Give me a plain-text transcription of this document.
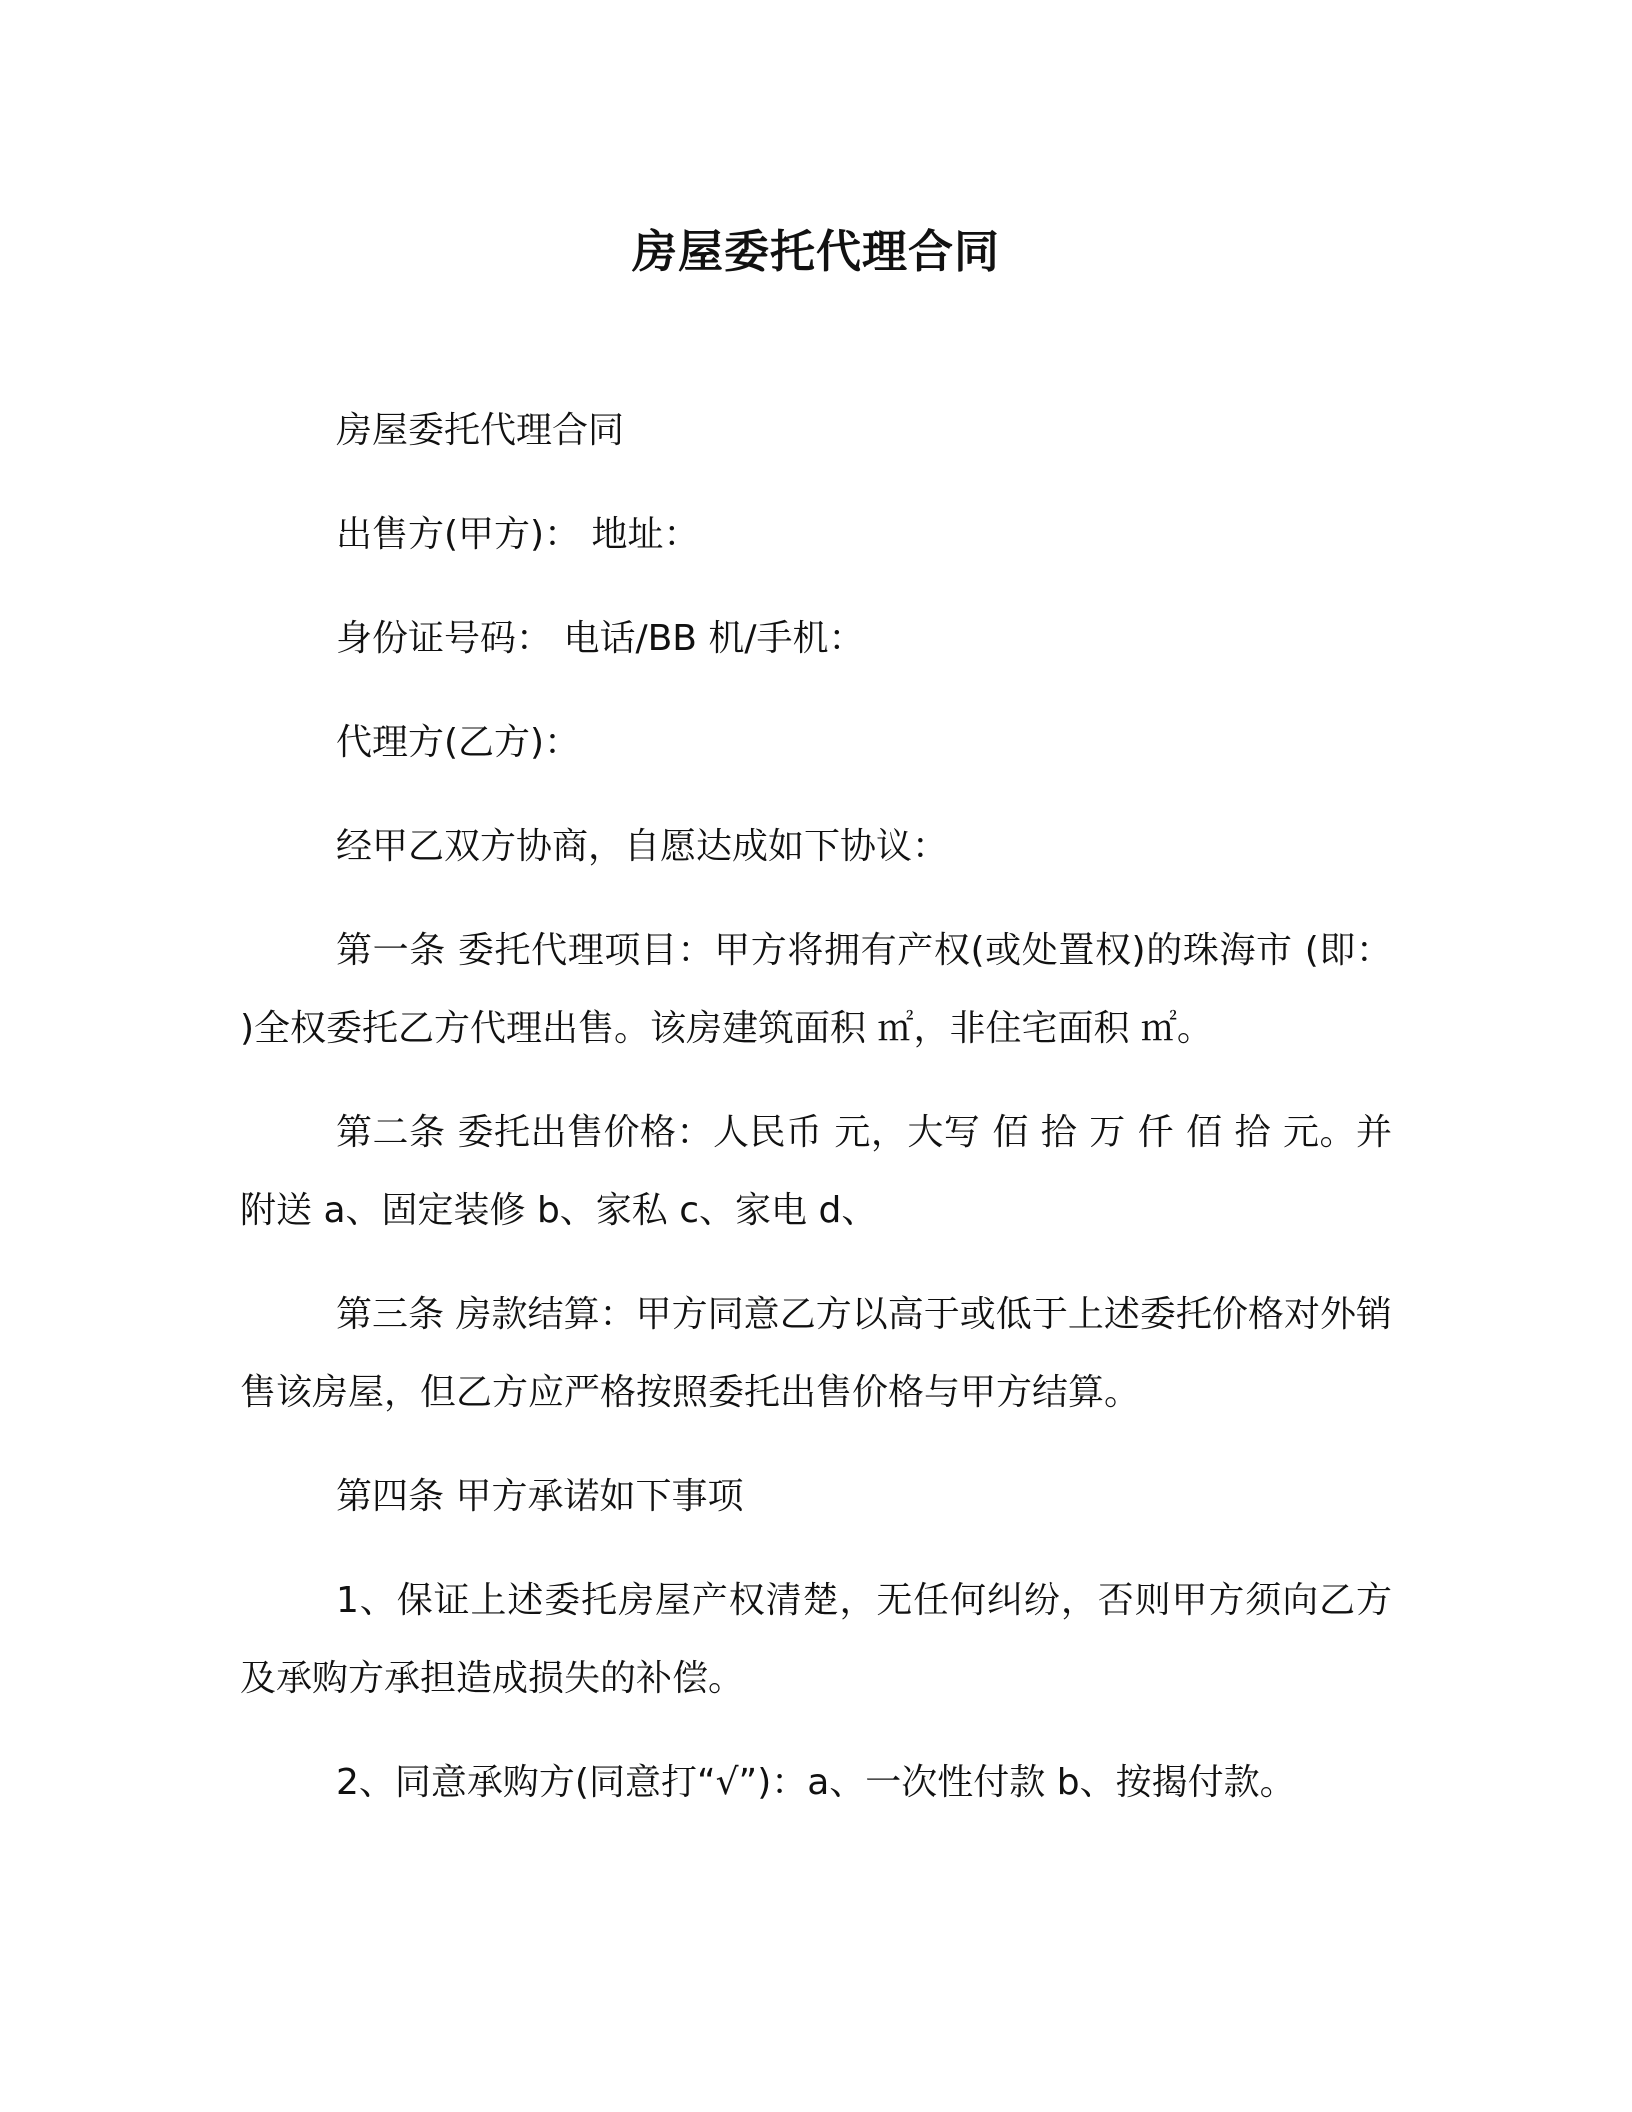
房屋委托代理合同

房屋委托代理合同

出售方(甲方)： 地址：

身份证号码： 电话/BB 机/手机：

代理方(乙方)：

经甲乙双方协商，自愿达成如下协议：

第一条 委托代理项目：甲方将拥有产权(或处置权)的珠海市 (即： )全权委托乙方代理出售。该房建筑面积 ㎡，非住宅面积 ㎡。

第二条 委托出售价格：人民币 元，大写 佰 拾 万 仟 佰 拾 元。并附送 a、固定装修 b、家私 c、家电 d、

第三条 房款结算：甲方同意乙方以高于或低于上述委托价格对外销售该房屋，但乙方应严格按照委托出售价格与甲方结算。

第四条 甲方承诺如下事项

1、保证上述委托房屋产权清楚，无任何纠纷，否则甲方须向乙方及承购方承担造成损失的补偿。

2、同意承购方(同意打“√”)：a、一次性付款 b、按揭付款。
